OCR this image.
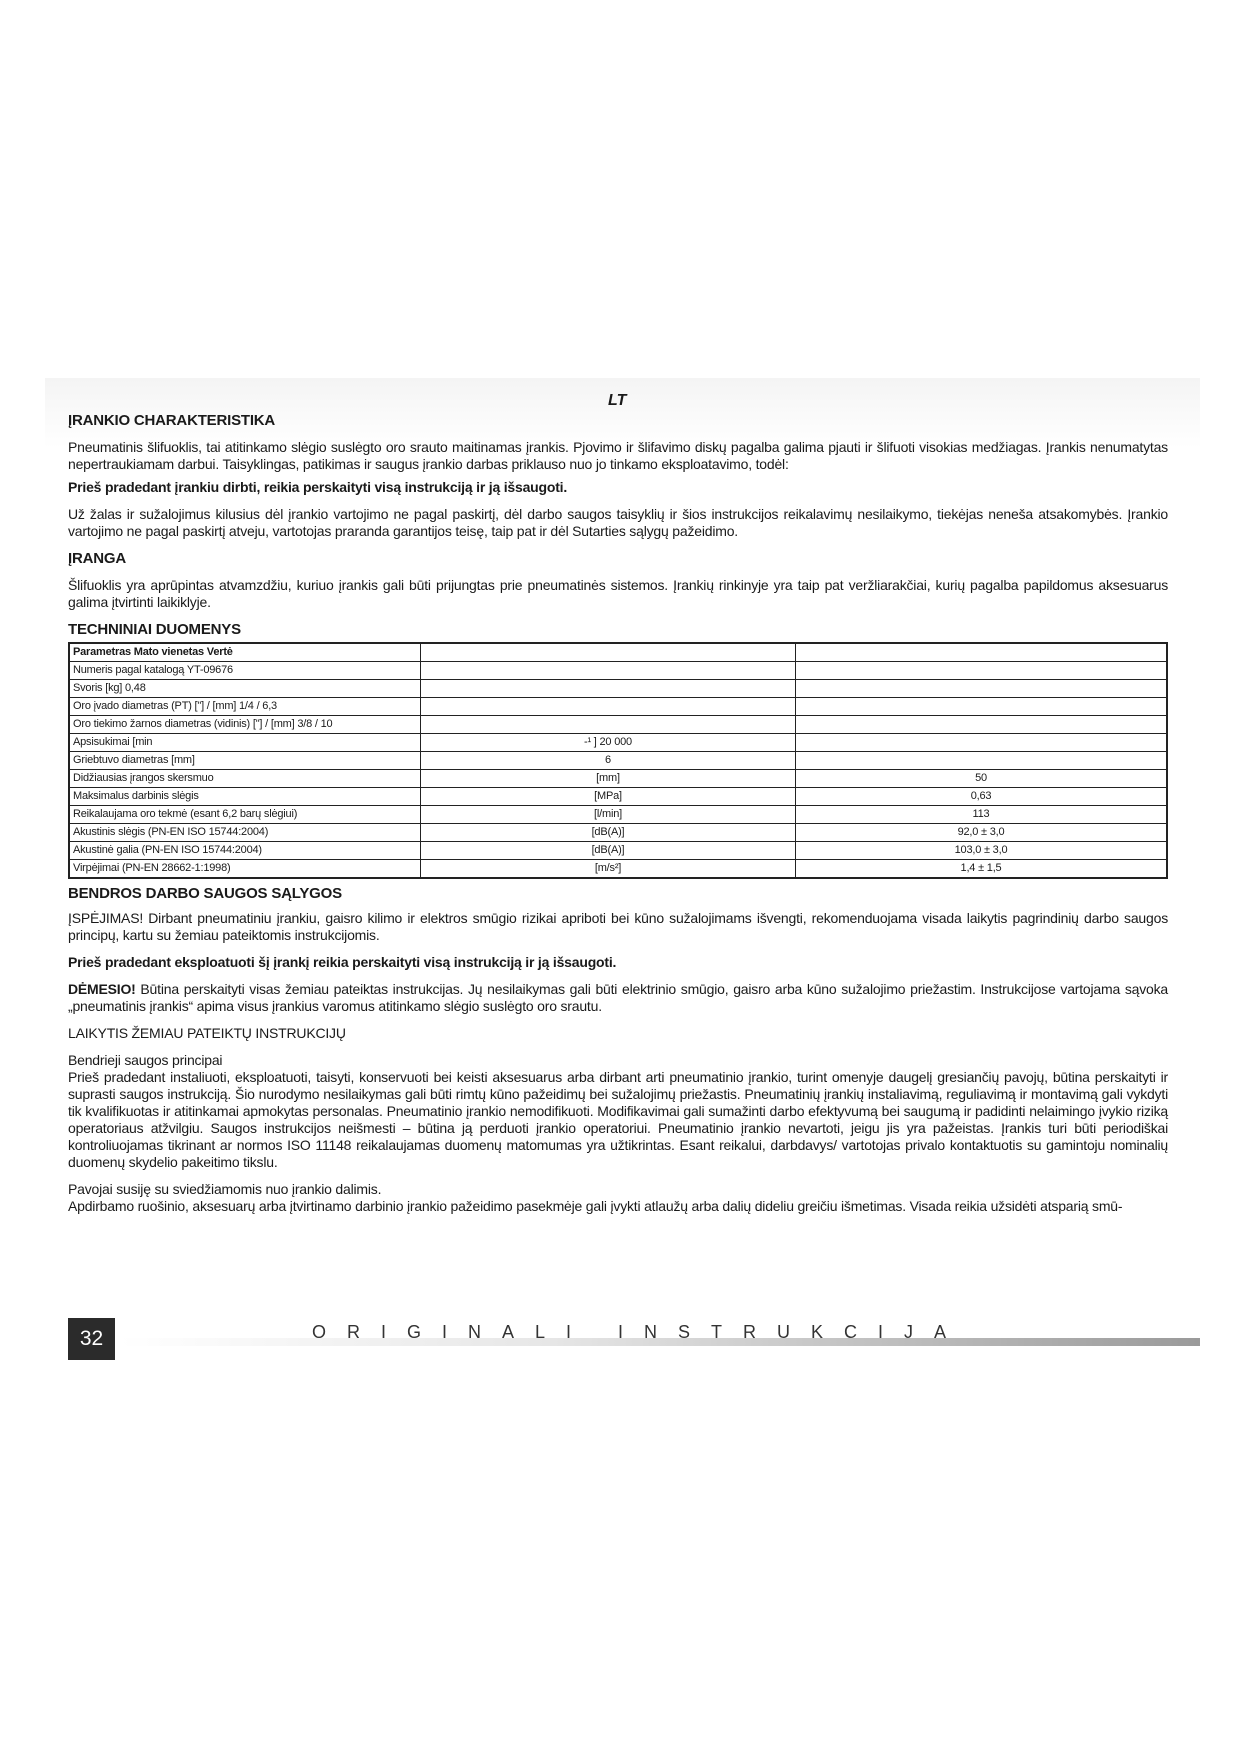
LT
ĮRANKIO CHARAKTERISTIKA

Pneumatinis šlifuoklis, tai atitinkamo slėgio suslėgto oro srauto maitinamas įrankis. Pjovimo ir šlifavimo diskų pagalba galima pjauti ir šlifuoti visokias medžiagas. Įrankis nenumatytas nepertraukiamam darbui. Taisyklingas, patikimas ir saugus įrankio darbas priklauso nuo jo tinkamo eksploatavimo, todėl:

Prieš pradedant įrankiu dirbti, reikia perskaityti visą instrukciją ir ją išsaugoti.

Už žalas ir sužalojimus kilusius dėl įrankio vartojimo ne pagal paskirtį, dėl darbo saugos taisyklių ir šios instrukcijos reikalavimų nesilaikymo, tiekėjas neneša atsakomybės. Įrankio vartojimo ne pagal paskirtį atveju, vartotojas praranda garantijos teisę, taip pat ir dėl Sutarties sąlygų pažeidimo.

ĮRANGA

Šlifuoklis yra aprūpintas atvamzdžiu, kuriuo įrankis gali būti prijungtas prie pneumatinės sistemos. Įrankių rinkinyje yra taip pat veržliarakčiai, kurių pagalba papildomus aksesuarus galima įtvirtinti laikiklyje.

TECHNINIAI DUOMENYS
Parametras Mato vienetas Vertė		
Numeris pagal katalogą YT-09676		
Svoris [kg] 0,48		
Oro įvado diametras (PT) ["] / [mm] 1/4 / 6,3		
Oro tiekimo žarnos diametras (vidinis) ["] / [mm] 3/8 / 10		
Apsisukimai [min	-¹ ] 20 000	
Griebtuvo diametras [mm]	6	
Didžiausias įrangos skersmuo	[mm]	50
Maksimalus darbinis slėgis	[MPa]	0,63
Reikalaujama oro tekmė (esant 6,2 barų slėgiui)	[l/min]	113
Akustinis slėgis (PN-EN ISO 15744:2004)	[dB(A)]	92,0 ± 3,0
Akustinė galia (PN-EN ISO 15744:2004)	[dB(A)]	103,0 ± 3,0
Virpėjimai (PN-EN 28662-1:1998)	[m/s²]	1,4 ± 1,5
BENDROS DARBO SAUGOS SĄLYGOS

ĮSPĖJIMAS! Dirbant pneumatiniu įrankiu, gaisro kilimo ir elektros smūgio rizikai apriboti bei kūno sužalojimams išvengti, rekomenduojama visada laikytis pagrindinių darbo saugos principų, kartu su žemiau pateiktomis instrukcijomis.

Prieš pradedant eksploatuoti šį įrankį reikia perskaityti visą instrukciją ir ją išsaugoti.

DĖMESIO! Būtina perskaityti visas žemiau pateiktas instrukcijas. Jų nesilaikymas gali būti elektrinio smūgio, gaisro arba kūno sužalojimo priežastim. Instrukcijose vartojama sąvoka „pneumatinis įrankis“ apima visus įrankius varomus atitinkamo slėgio suslėgto oro srautu.

LAIKYTIS ŽEMIAU PATEIKTŲ INSTRUKCIJŲ

Bendrieji saugos principai

Prieš pradedant instaliuoti, eksploatuoti, taisyti, konservuoti bei keisti aksesuarus arba dirbant arti pneumatinio įrankio, turint omenyje daugelį gresiančių pavojų, būtina perskaityti ir suprasti saugos instrukciją. Šio nurodymo nesilaikymas gali būti rimtų kūno pažeidimų bei sužalojimų priežastis. Pneumatinių įrankių instaliavimą, reguliavimą ir montavimą gali vykdyti tik kvalifikuotas ir atitinkamai apmokytas personalas. Pneumatinio įrankio nemodifikuoti. Modifikavimai gali sumažinti darbo efektyvumą bei saugumą ir padidinti nelaimingo įvykio riziką operatoriaus atžvilgiu. Saugos instrukcijos neišmesti – būtina ją perduoti įrankio operatoriui. Pneumatinio įrankio nevartoti, jeigu jis yra pažeistas. Įrankis turi būti periodiškai kontroliuojamas tikrinant ar normos ISO 11148 reikalaujamas duomenų matomumas yra užtikrintas. Esant reikalui, darbdavys/ vartotojas privalo kontaktuotis su gamintoju nominalių duomenų skydelio pakeitimo tikslu.

Pavojai susiję su sviedžiamomis nuo įrankio dalimis.

Apdirbamo ruošinio, aksesuarų arba įtvirtinamo darbinio įrankio pažeidimo pasekmėje gali įvykti atlaužų arba dalių dideliu greičiu išmetimas. Visada reikia užsidėti atsparią smū-

32	ORIGINALI INSTRUKCIJA
